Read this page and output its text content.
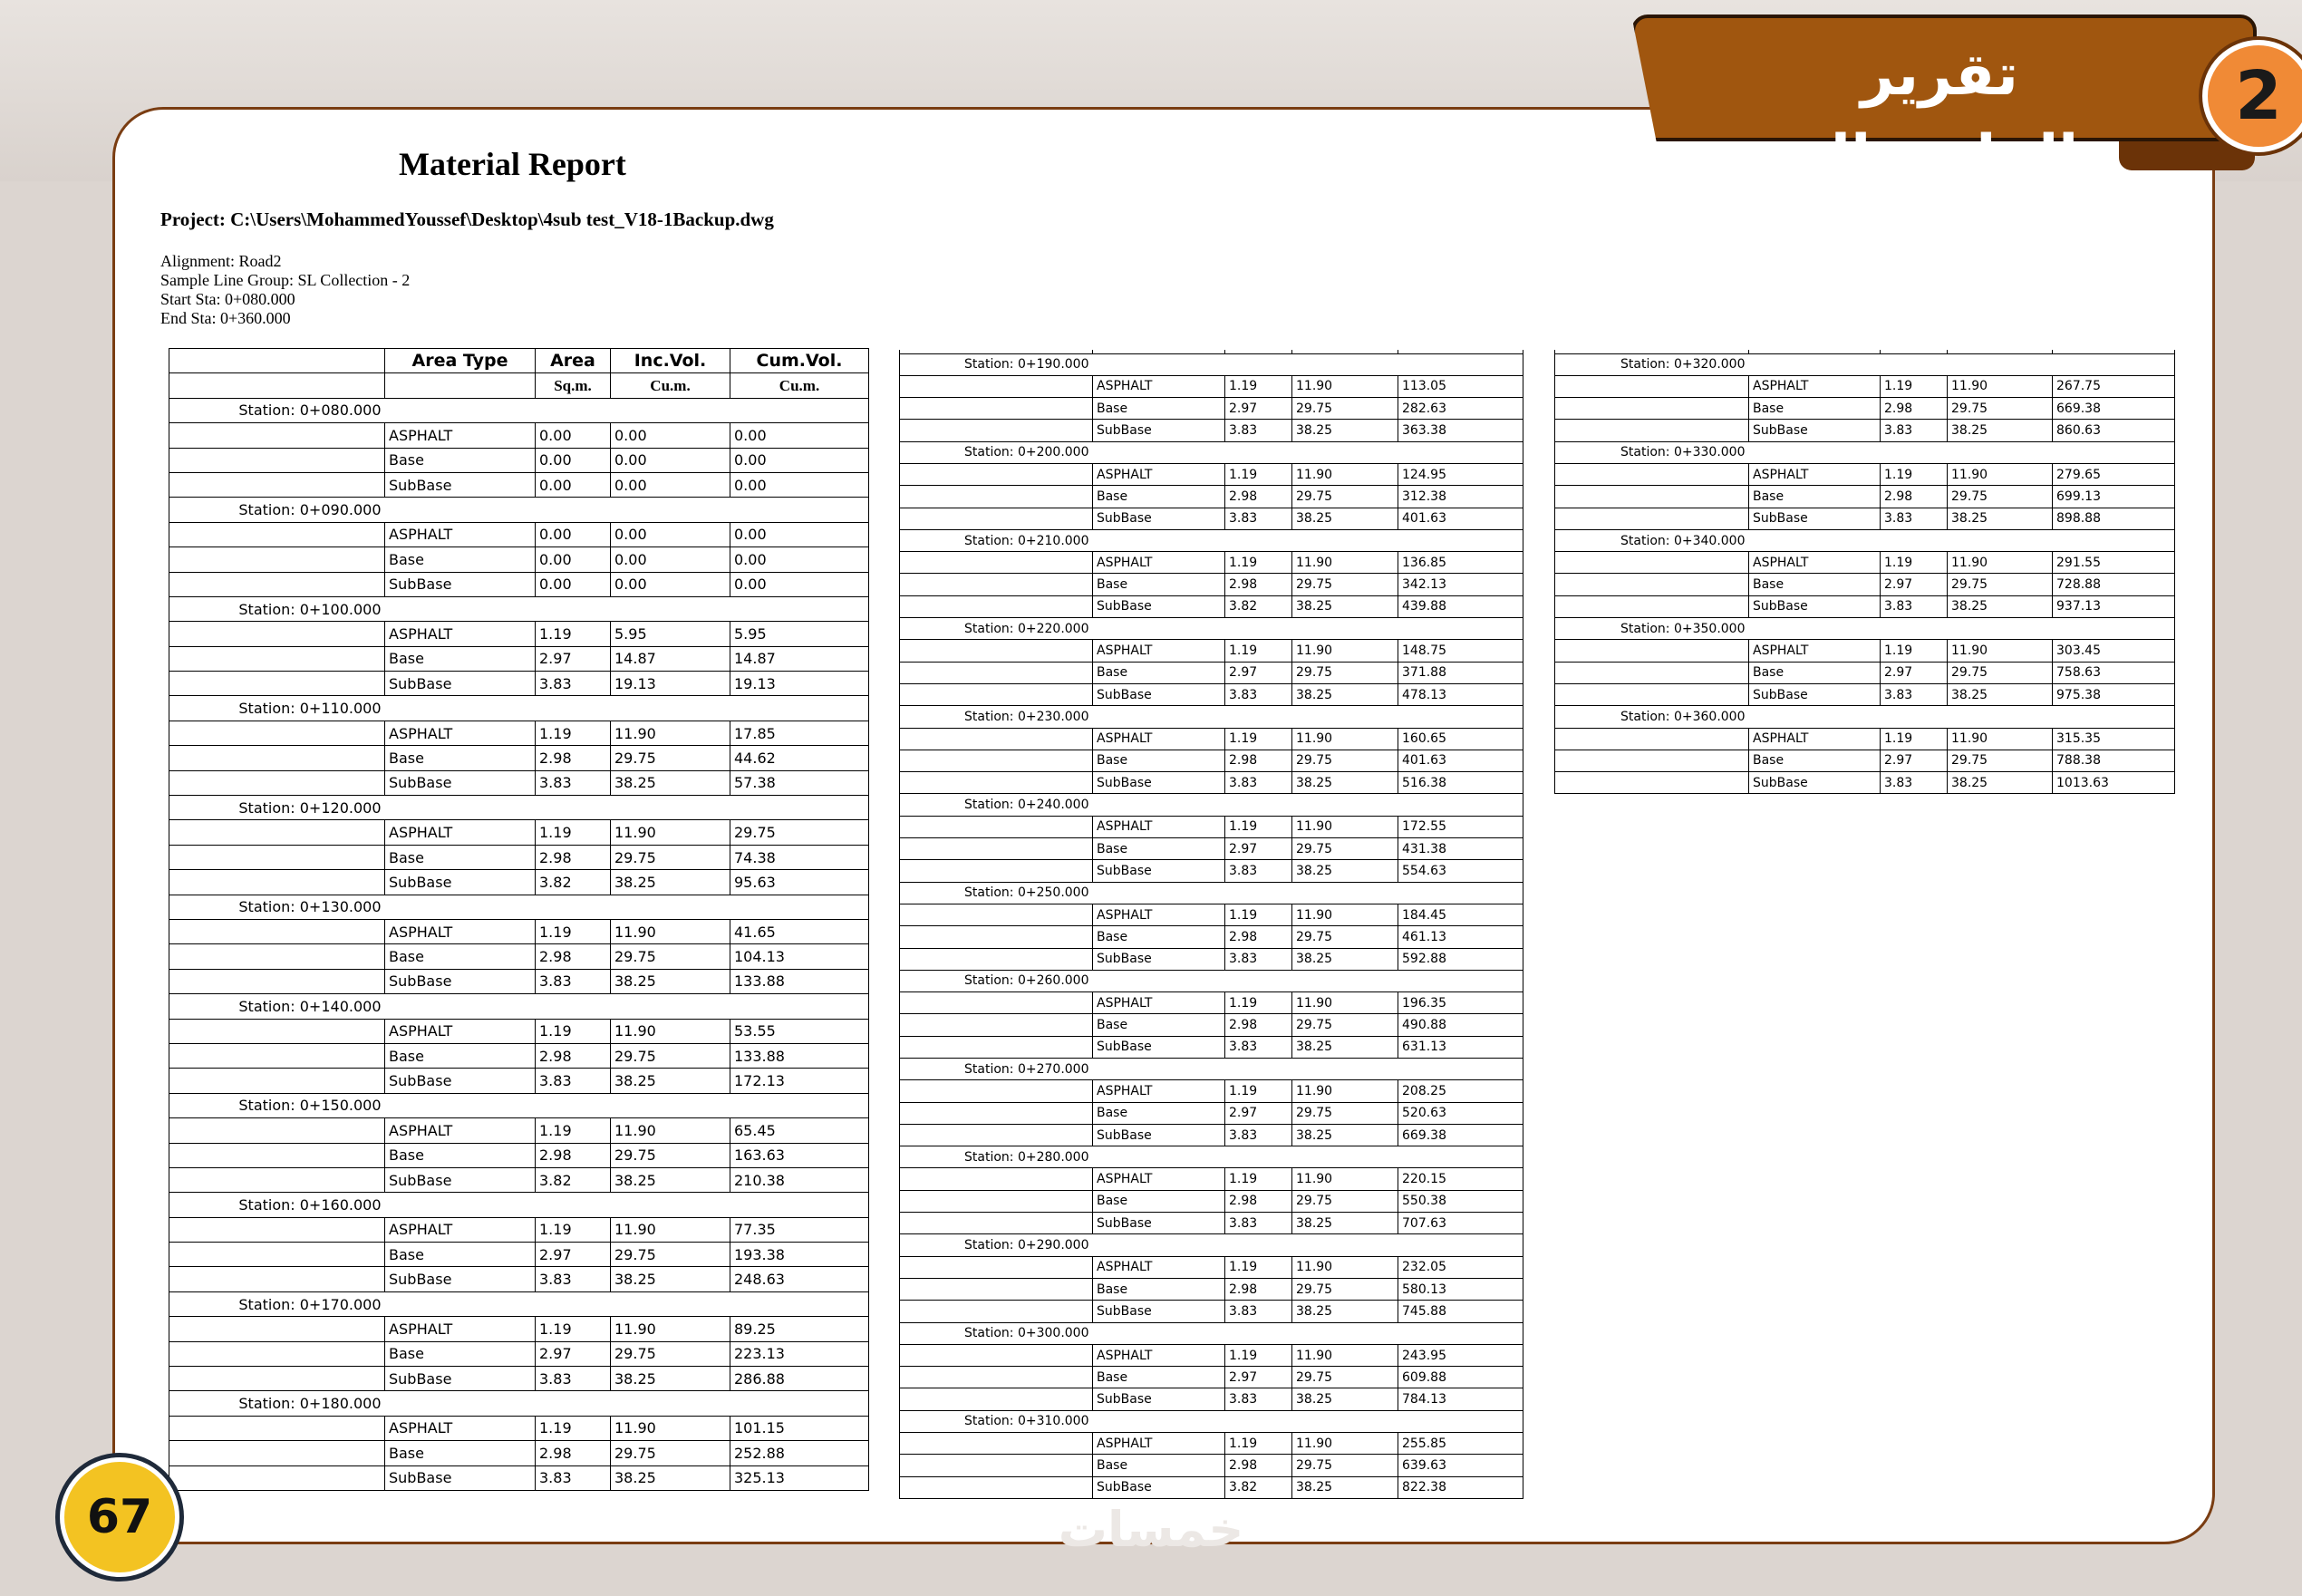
تقرير الماتيريال
2
Material Report
Project: C:\Users\MohammedYoussef\Desktop\4sub test_V18-1Backup.dwg
Alignment: Road2
Sample Line Group: SL Collection - 2
Start Sta: 0+080.000
End Sta: 0+360.000
	Area Type	Area	Inc.Vol.	Cum.Vol.
		Sq.m.	Cu.m.	Cu.m.
Station: 0+080.000				
	ASPHALT	0.00	0.00	0.00
	Base	0.00	0.00	0.00
	SubBase	0.00	0.00	0.00
Station: 0+090.000				
	ASPHALT	0.00	0.00	0.00
	Base	0.00	0.00	0.00
	SubBase	0.00	0.00	0.00
Station: 0+100.000				
	ASPHALT	1.19	5.95	5.95
	Base	2.97	14.87	14.87
	SubBase	3.83	19.13	19.13
Station: 0+110.000				
	ASPHALT	1.19	11.90	17.85
	Base	2.98	29.75	44.62
	SubBase	3.83	38.25	57.38
Station: 0+120.000				
	ASPHALT	1.19	11.90	29.75
	Base	2.98	29.75	74.38
	SubBase	3.82	38.25	95.63
Station: 0+130.000				
	ASPHALT	1.19	11.90	41.65
	Base	2.98	29.75	104.13
	SubBase	3.83	38.25	133.88
Station: 0+140.000				
	ASPHALT	1.19	11.90	53.55
	Base	2.98	29.75	133.88
	SubBase	3.83	38.25	172.13
Station: 0+150.000				
	ASPHALT	1.19	11.90	65.45
	Base	2.98	29.75	163.63
	SubBase	3.82	38.25	210.38
Station: 0+160.000				
	ASPHALT	1.19	11.90	77.35
	Base	2.97	29.75	193.38
	SubBase	3.83	38.25	248.63
Station: 0+170.000				
	ASPHALT	1.19	11.90	89.25
	Base	2.97	29.75	223.13
	SubBase	3.83	38.25	286.88
Station: 0+180.000				
	ASPHALT	1.19	11.90	101.15
	Base	2.98	29.75	252.88
	SubBase	3.83	38.25	325.13

Station: 0+190.000				
	ASPHALT	1.19	11.90	113.05
	Base	2.97	29.75	282.63
	SubBase	3.83	38.25	363.38
Station: 0+200.000				
	ASPHALT	1.19	11.90	124.95
	Base	2.98	29.75	312.38
	SubBase	3.83	38.25	401.63
Station: 0+210.000				
	ASPHALT	1.19	11.90	136.85
	Base	2.98	29.75	342.13
	SubBase	3.82	38.25	439.88
Station: 0+220.000				
	ASPHALT	1.19	11.90	148.75
	Base	2.97	29.75	371.88
	SubBase	3.83	38.25	478.13
Station: 0+230.000				
	ASPHALT	1.19	11.90	160.65
	Base	2.98	29.75	401.63
	SubBase	3.83	38.25	516.38
Station: 0+240.000				
	ASPHALT	1.19	11.90	172.55
	Base	2.97	29.75	431.38
	SubBase	3.83	38.25	554.63
Station: 0+250.000				
	ASPHALT	1.19	11.90	184.45
	Base	2.98	29.75	461.13
	SubBase	3.83	38.25	592.88
Station: 0+260.000				
	ASPHALT	1.19	11.90	196.35
	Base	2.98	29.75	490.88
	SubBase	3.83	38.25	631.13
Station: 0+270.000				
	ASPHALT	1.19	11.90	208.25
	Base	2.97	29.75	520.63
	SubBase	3.83	38.25	669.38
Station: 0+280.000				
	ASPHALT	1.19	11.90	220.15
	Base	2.98	29.75	550.38
	SubBase	3.83	38.25	707.63
Station: 0+290.000				
	ASPHALT	1.19	11.90	232.05
	Base	2.98	29.75	580.13
	SubBase	3.83	38.25	745.88
Station: 0+300.000				
	ASPHALT	1.19	11.90	243.95
	Base	2.97	29.75	609.88
	SubBase	3.83	38.25	784.13
Station: 0+310.000				
	ASPHALT	1.19	11.90	255.85
	Base	2.98	29.75	639.63
	SubBase	3.82	38.25	822.38

Station: 0+320.000				
	ASPHALT	1.19	11.90	267.75
	Base	2.98	29.75	669.38
	SubBase	3.83	38.25	860.63
Station: 0+330.000				
	ASPHALT	1.19	11.90	279.65
	Base	2.98	29.75	699.13
	SubBase	3.83	38.25	898.88
Station: 0+340.000				
	ASPHALT	1.19	11.90	291.55
	Base	2.97	29.75	728.88
	SubBase	3.83	38.25	937.13
Station: 0+350.000				
	ASPHALT	1.19	11.90	303.45
	Base	2.97	29.75	758.63
	SubBase	3.83	38.25	975.38
Station: 0+360.000				
	ASPHALT	1.19	11.90	315.35
	Base	2.97	29.75	788.38
	SubBase	3.83	38.25	1013.63
خمسات
67
